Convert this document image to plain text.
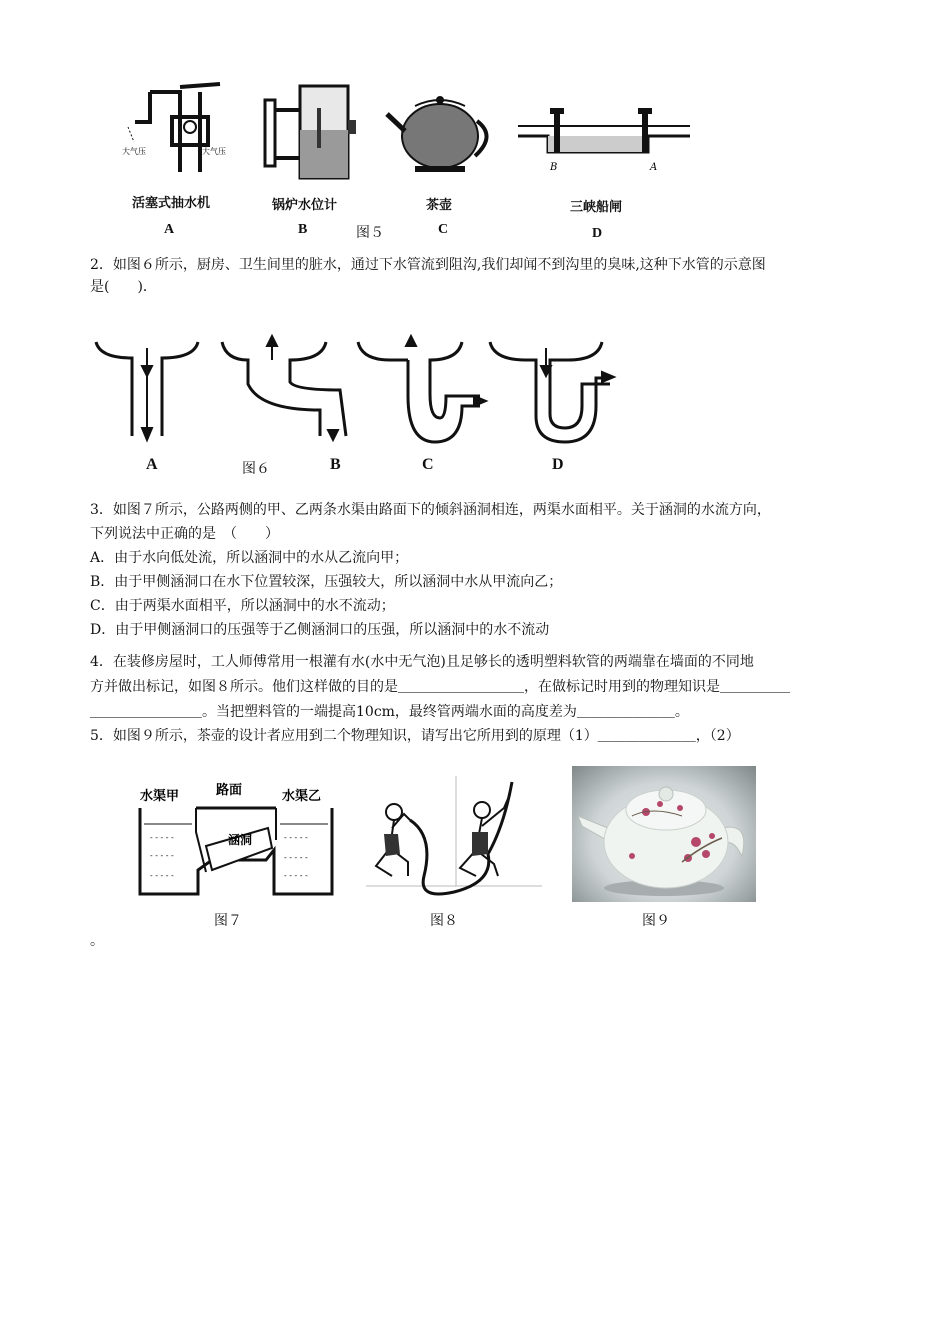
大气压	大气压
活塞式抽水机
A
锅炉水位计
B
茶壶
C
B	A
三峡船闸
D
图５
2．如图６所示，厨房、卫生间里的脏水，通过下水管流到阻沟,我们却闻不到沟里的臭味,这种下水管的示意图
是(　　)．
A	图６	B	C	D
3．如图７所示，公路两侧的甲、乙两条水渠由路面下的倾斜涵洞相连，两渠水面相平。关于涵洞的水流方向，
下列说法中正确的是　（　　）
A．由于水向低处流，所以涵洞中的水从乙流向甲；
B．由于甲侧涵洞口在水下位置较深，压强较大，所以涵洞中水从甲流向乙；
C．由于两渠水面相平，所以涵洞中的水不流动；
D．由于甲侧涵洞口的压强等于乙侧涵洞口的压强，所以涵洞中的水不流动
4．在装修房屋时，工人师傅常用一根灌有水(水中无气泡)且足够长的透明塑料软管的两端靠在墙面的不同地
方并做出标记，如图８所示。他们这样做的目的是＿＿＿＿＿＿＿＿＿，在做标记时用到的物理知识是＿＿＿＿＿
＿＿＿＿＿＿＿＿。当把塑料管的一端提高10cm，最终管两端水面的高度差为＿＿＿＿＿＿＿。
5．如图９所示，茶壶的设计者应用到二个物理知识，请写出它所用到的原理（1）＿＿＿＿＿＿＿，（2）
- - - - -
- - - - -
- - - - -
- - - - -
- - - - -
- - - - -
水渠甲	路面
涵洞
水渠乙
图７	图８	图９
。
